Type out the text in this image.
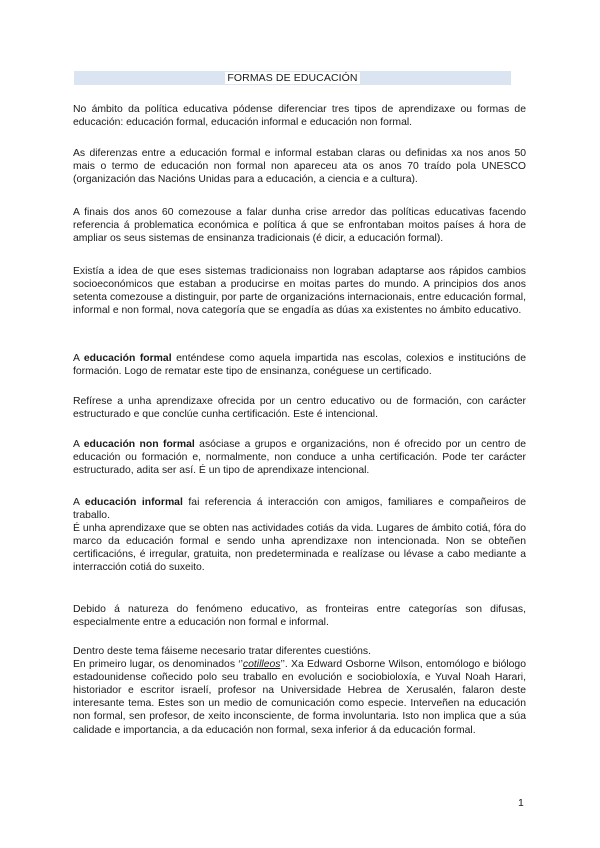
FORMAS DE EDUCACIÓN

No ámbito da política educativa pódense diferenciar tres tipos de aprendizaxe ou formas de educación: educación formal, educación informal e educación non formal.

As diferenzas entre a educación formal e informal estaban claras ou definidas xa nos anos 50 mais o termo de educación non formal non apareceu ata os anos 70 traído pola UNESCO (organización das Nacións Unidas para a educación, a ciencia e a cultura).

A finais dos anos 60 comezouse a falar dunha crise arredor das políticas educativas facendo referencia á problematica económica e política á que se enfrontaban moitos países á hora de ampliar os seus sistemas de ensinanza tradicionais (é dicir, a educación formal).

Existía a idea de que eses sistemas tradicionaiss non lograban adaptarse aos rápidos cambios socioeconómicos que estaban a producirse en moitas partes do mundo. A principios dos anos setenta comezouse a distinguir, por parte de organizacións internacionais, entre educación formal, informal e non formal, nova categoría que se engadía as dúas xa existentes no ámbito educativo.

A educación formal enténdese como aquela impartida nas escolas, colexios e institucións de formación. Logo de rematar este tipo de ensinanza, conéguese un certificado.

Refírese a unha aprendizaxe ofrecida por un centro educativo ou de formación, con carácter estructurado e que conclúe cunha certificación. Este é intencional.

A educación non formal asóciase a grupos e organizacións, non é ofrecido por un centro de educación ou formación e, normalmente, non conduce a unha certificación. Pode ter carácter estructurado, adita ser así. É un tipo de aprendixaze intencional.

A educación informal fai referencia á interacción con amigos, familiares e compañeiros de traballo.
É unha aprendizaxe que se obten nas actividades cotiás da vida. Lugares de ámbito cotiá, fóra do marco da educación formal e sendo unha aprendizaxe non intencionada. Non se obteñen certificacións, é irregular, gratuita, non predeterminada e realízase ou lévase a cabo mediante a interracción cotiá do suxeito.

Debido á natureza do fenómeno educativo, as fronteiras entre categorías son difusas, especialmente entre a educación non formal e informal.

Dentro deste tema fáiseme necesario tratar diferentes cuestións.
En primeiro lugar, os denominados ‘’cotilleos’’. Xa Edward Osborne Wilson, entomólogo e biólogo estadounidense coñecido polo seu traballo en evolución e sociobioloxía, e Yuval Noah Harari, historiador e escritor israelí, profesor na Universidade Hebrea de Xerusalén, falaron deste interesante tema. Estes son un medio de comunicación como especie. Interveñen na educación non formal, sen profesor, de xeito inconsciente, de forma involuntaria. Isto non implica que a súa calidade e importancia, a da educación non formal, sexa inferior á da educación formal.

1
